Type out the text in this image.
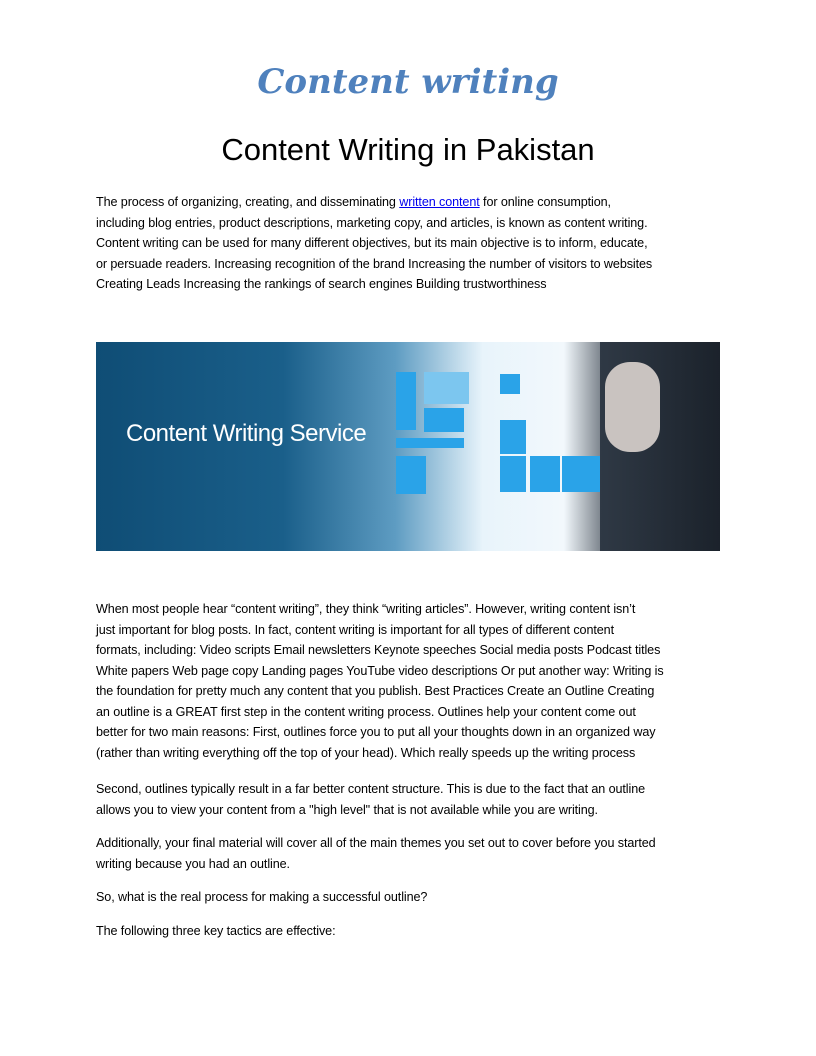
Content writing
Content Writing in Pakistan
The process of organizing, creating, and disseminating written content for online consumption,
including blog entries, product descriptions, marketing copy, and articles, is known as content writing.
Content writing can be used for many different objectives, but its main objective is to inform, educate,
or persuade readers. Increasing recognition of the brand Increasing the number of visitors to websites
Creating Leads Increasing the rankings of search engines Building trustworthiness
Content Writing Service
When most people hear “content writing”, they think “writing articles”. However, writing content isn’t
just important for blog posts. In fact, content writing is important for all types of different content
formats, including: Video scripts Email newsletters Keynote speeches Social media posts Podcast titles
White papers Web page copy Landing pages YouTube video descriptions Or put another way: Writing is
the foundation for pretty much any content that you publish. Best Practices Create an Outline Creating
an outline is a GREAT first step in the content writing process. Outlines help your content come out
better for two main reasons: First, outlines force you to put all your thoughts down in an organized way
(rather than writing everything off the top of your head). Which really speeds up the writing process
Second, outlines typically result in a far better content structure. This is due to the fact that an outline
allows you to view your content from a "high level" that is not available while you are writing.
Additionally, your final material will cover all of the main themes you set out to cover before you started
writing because you had an outline.
So, what is the real process for making a successful outline?
The following three key tactics are effective:
